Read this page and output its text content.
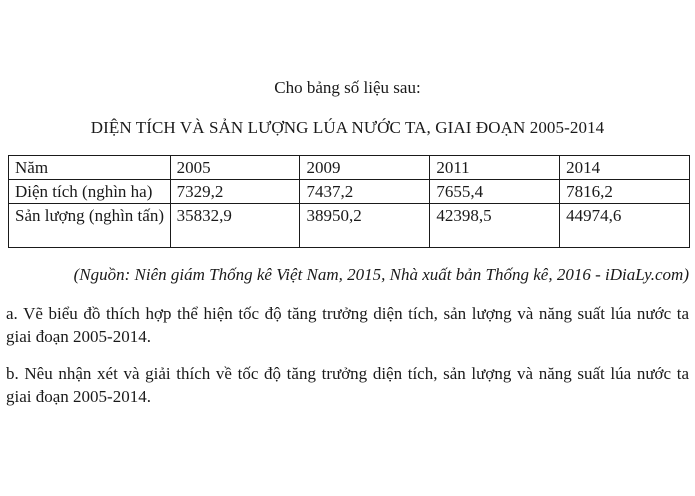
Cho bảng số liệu sau:
DIỆN TÍCH VÀ SẢN LƯỢNG LÚA NƯỚC TA, GIAI ĐOẠN 2005-2014
Năm	2005	2009	2011	2014
Diện tích (nghìn ha)	7329,2	7437,2	7655,4	7816,2
Sản lượng (nghìn tấn)	35832,9	38950,2	42398,5	44974,6
(Nguồn: Niên giám Thống kê Việt Nam, 2015, Nhà xuất bản Thống kê, 2016 - iDiaLy.com)
a. Vẽ biểu đồ thích hợp thể hiện tốc độ tăng trưởng diện tích, sản lượng và năng suất lúa nước ta giai đoạn 2005-2014.
b. Nêu nhận xét và giải thích về tốc độ tăng trưởng diện tích, sản lượng và năng suất lúa nước ta giai đoạn 2005-2014.
